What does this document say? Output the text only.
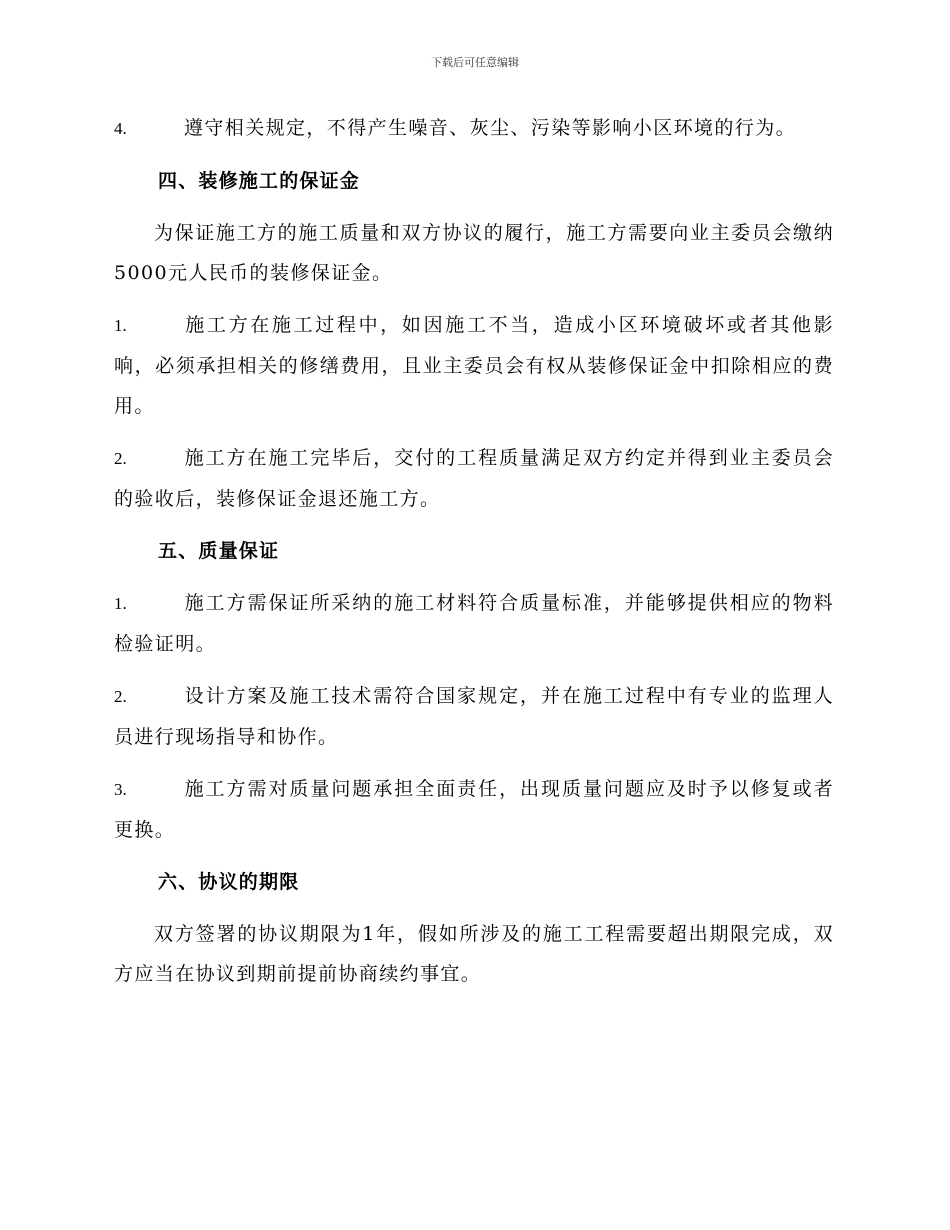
下载后可任意编辑

4.	遵守相关规定，不得产生噪音、灰尘、污染等影响小区环境的行为。

四、装修施工的保证金

为保证施工方的施工质量和双方协议的履行，施工方需要向业主委员会缴纳5000元人民币的装修保证金。

1.	施工方在施工过程中，如因施工不当，造成小区环境破坏或者其他影响，必须承担相关的修缮费用，且业主委员会有权从装修保证金中扣除相应的费用。

2.	施工方在施工完毕后，交付的工程质量满足双方约定并得到业主委员会的验收后，装修保证金退还施工方。

五、质量保证

1.	施工方需保证所采纳的施工材料符合质量标准，并能够提供相应的物料检验证明。

2.	设计方案及施工技术需符合国家规定，并在施工过程中有专业的监理人员进行现场指导和协作。

3.	施工方需对质量问题承担全面责任，出现质量问题应及时予以修复或者更换。

六、协议的期限

双方签署的协议期限为1年，假如所涉及的施工工程需要超出期限完成，双方应当在协议到期前提前协商续约事宜。
